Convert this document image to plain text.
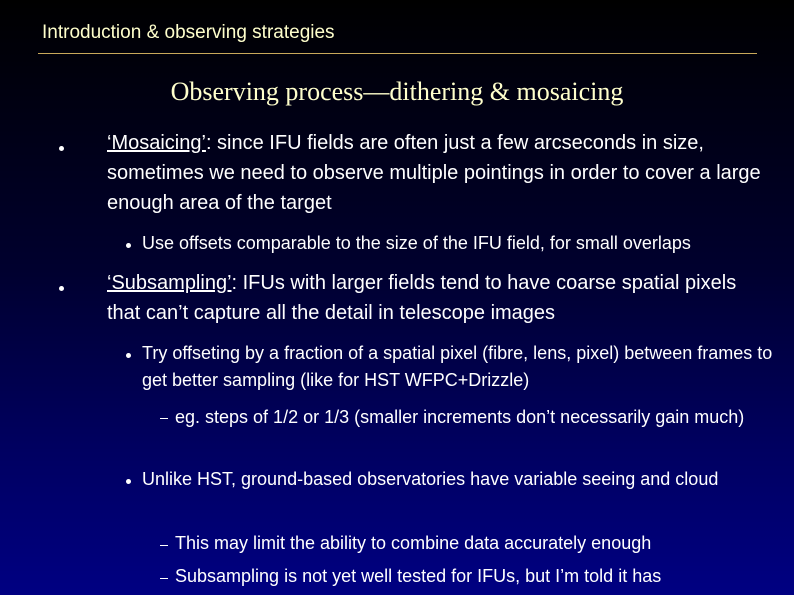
Introduction & observing strategies
Observing process—dithering & mosaicing
‘Mosaicing’: since IFU fields are often just a few arcseconds in size, sometimes we need to observe multiple pointings in order to cover a large enough area of the target
Use offsets comparable to the size of the IFU field, for small overlaps
‘Subsampling’: IFUs with larger fields tend to have coarse spatial pixels that can’t capture all the detail in telescope images
Try offseting by a fraction of a spatial pixel (fibre, lens, pixel) between frames to get better sampling (like for HST WFPC+Drizzle)
eg. steps of 1/2 or 1/3 (smaller increments don’t necessarily gain much)
Unlike HST, ground-based observatories have variable seeing and cloud
This may limit the ability to combine data accurately enough
Subsampling is not yet well tested for IFUs, but I’m told it has
